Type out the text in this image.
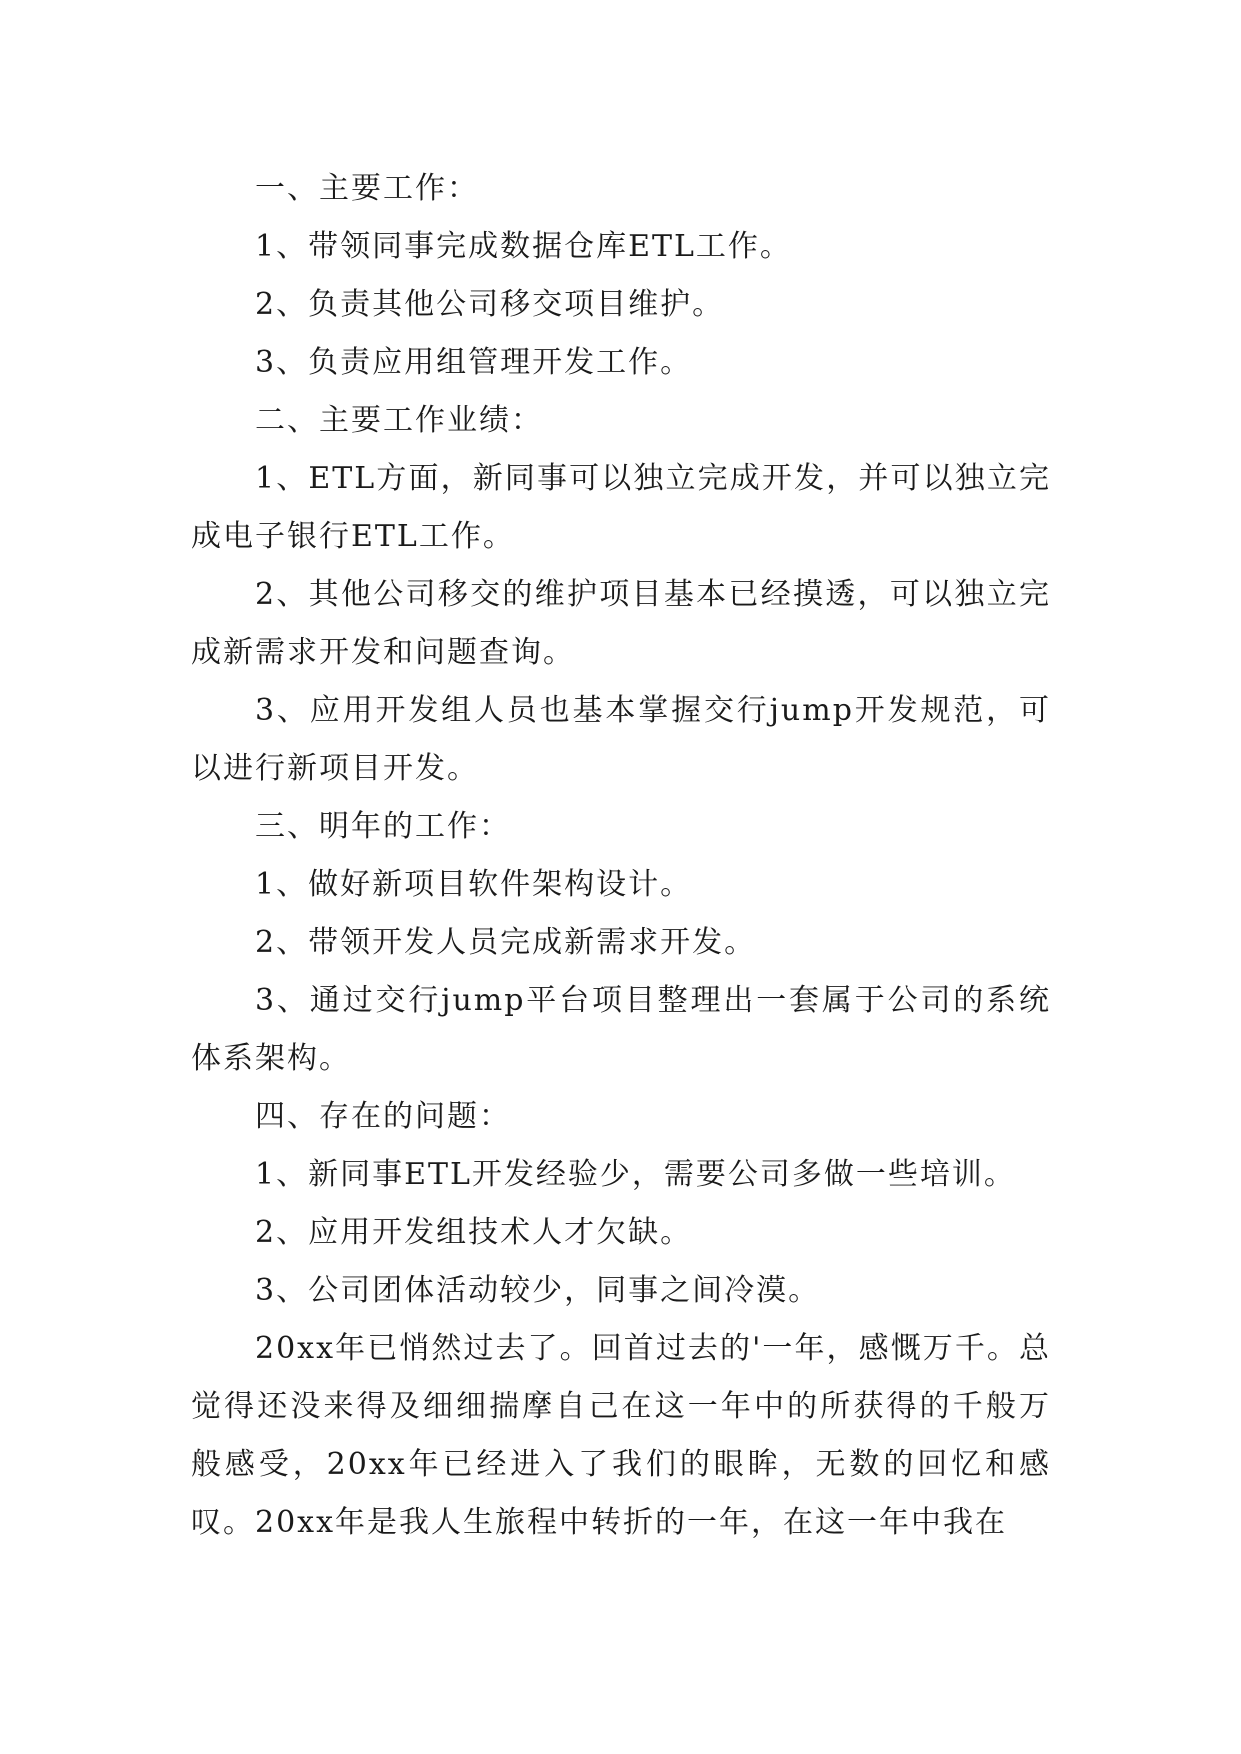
一、主要工作：

1、带领同事完成数据仓库ETL工作。

2、负责其他公司移交项目维护。

3、负责应用组管理开发工作。

二、主要工作业绩：

1、ETL方面，新同事可以独立完成开发，并可以独立完成电子银行ETL工作。

2、其他公司移交的维护项目基本已经摸透，可以独立完成新需求开发和问题查询。

3、应用开发组人员也基本掌握交行jump开发规范，可以进行新项目开发。

三、明年的工作：

1、做好新项目软件架构设计。

2、带领开发人员完成新需求开发。

3、通过交行jump平台项目整理出一套属于公司的系统体系架构。

四、存在的问题：

1、新同事ETL开发经验少，需要公司多做一些培训。

2、应用开发组技术人才欠缺。

3、公司团体活动较少，同事之间冷漠。

20xx年已悄然过去了。回首过去的'一年，感慨万千。总觉得还没来得及细细揣摩自己在这一年中的所获得的千般万般感受，20xx年已经进入了我们的眼眸，无数的回忆和感叹。20xx年是我人生旅程中转折的一年，在这一年中我在
